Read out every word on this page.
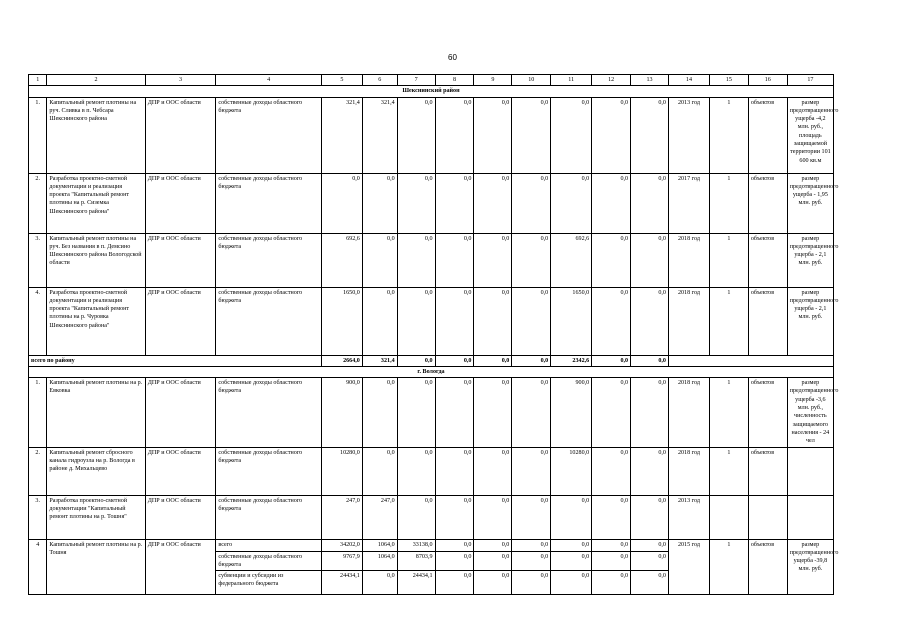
60
1	2	3	4	5	6	7	8	9	10	11	12	13	14	15	16	17
Шекснинский район																
1.	Капитальный ремонт плотины на руч. Сливка в п. Чебсара Шекснинского района	ДПР и ООС области	собственные доходы областного бюджета	321,4	321,4	0,0	0,0	0,0	0,0	0,0	0,0	0,0	2013 год	1	объектов	размер предотвращенного ущерба -4,2 млн. руб., площадь защищаемой территории 101 600 кв.м
2.	Разработка проектно-сметной документации и реализация проекта "Капитальный ремонт плотины на р. Сиземка Шекснинского района"	ДПР и ООС области	собственные доходы областного бюджета	0,0	0,0	0,0	0,0	0,0	0,0	0,0	0,0	0,0	2017 год	1	объектов	размер предотвращенного ущерба - 1,95 млн. руб.
3.	Капитальный ремонт плотины на руч. Без названия в п. Демсино Шекснинского района Вологодской области	ДПР и ООС области	собственные доходы областного бюджета	692,6	0,0	0,0	0,0	0,0	0,0	692,6	0,0	0,0	2018 год	1	объектов	размер предотвращенного ущерба - 2,1 млн. руб.
4.	Разработка проектно-сметной документации и реализация проекта "Капитальный ремонт плотины на р. Чуровка Шекснинского района"	ДПР и ООС области	собственные доходы областного бюджета	1650,0	0,0	0,0	0,0	0,0	0,0	1650,0	0,0	0,0	2018 год	1	объектов	размер предотвращенного ущерба - 2,1 млн. руб.
всего по району				2664,0	321,4	0,0	0,0	0,0	0,0	2342,6	0,0	0,0				
г. Вологда																
1.	Капитальный ремонт плотины на р. Евковка	ДПР и ООС области	собственные доходы областного бюджета	900,0	0,0	0,0	0,0	0,0	0,0	900,0	0,0	0,0	2018 год	1	объектов	размер предотвращенного ущерба -3,6 млн. руб., численность защищаемого населения - 24 чел
2.	Капитальный ремонт сбросного канала гидроузла на р. Вологда в районе д. Михальцево	ДПР и ООС области	собственные доходы областного бюджета	10280,0	0,0	0,0	0,0	0,0	0,0	10280,0	0,0	0,0	2018 год	1	объектов	
3.	Разработка проектно-сметной документации "Капитальный ремонт плотины на р. Тошня"	ДПР и ООС области	собственные доходы областного бюджета	247,0	247,0	0,0	0,0	0,0	0,0	0,0	0,0	0,0	2013 год			
4	Капитальный ремонт плотины на р. Тошня	ДПР и ООС области	всего	34202,0	1064,0	33138,0	0,0	0,0	0,0	0,0	0,0	0,0	2015 год	1	объектов	размер предотвращенного ущерба -39,8 млн. руб.
			собственные доходы областного бюджета	9767,9	1064,0	8703,9	0,0	0,0	0,0	0,0	0,0	0,0				
			субвенции и субсидии из федерального бюджета	24434,1	0,0	24434,1	0,0	0,0	0,0	0,0	0,0	0,0				
